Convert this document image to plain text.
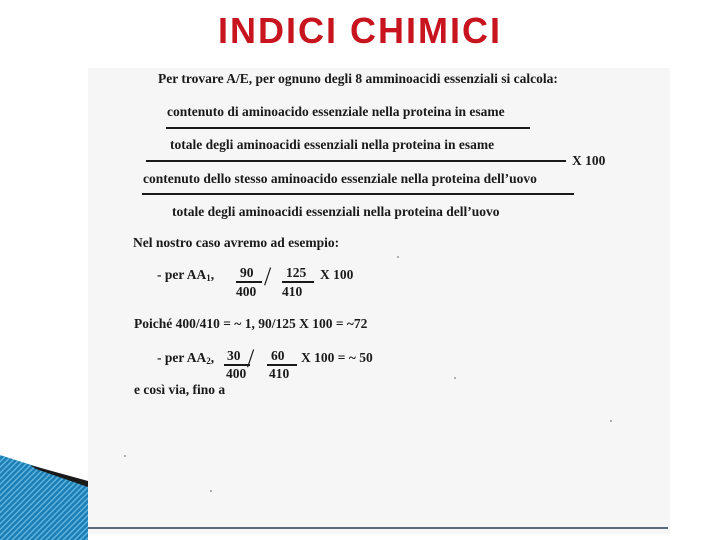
INDICI CHIMICI
Per trovare A/E, per ognuno degli 8 amminoacidi essenziali si calcola:
contenuto di aminoacido essenziale nella proteina in esame
totale degli aminoacidi essenziali nella proteina in esame
X 100
contenuto dello stesso aminoacido essenziale nella proteina dell’uovo
totale degli aminoacidi essenziali nella proteina dell’uovo
Nel nostro caso avremo ad esempio:
- per $AA_1$, 90
400
/ 125
410
X 100
Poiché 400/410 = ~ 1, 90/125 X 100 = ~72
- per $AA_2$, 30
400
/ 60
410
X 100 = ~ 50
e così via, fino a
